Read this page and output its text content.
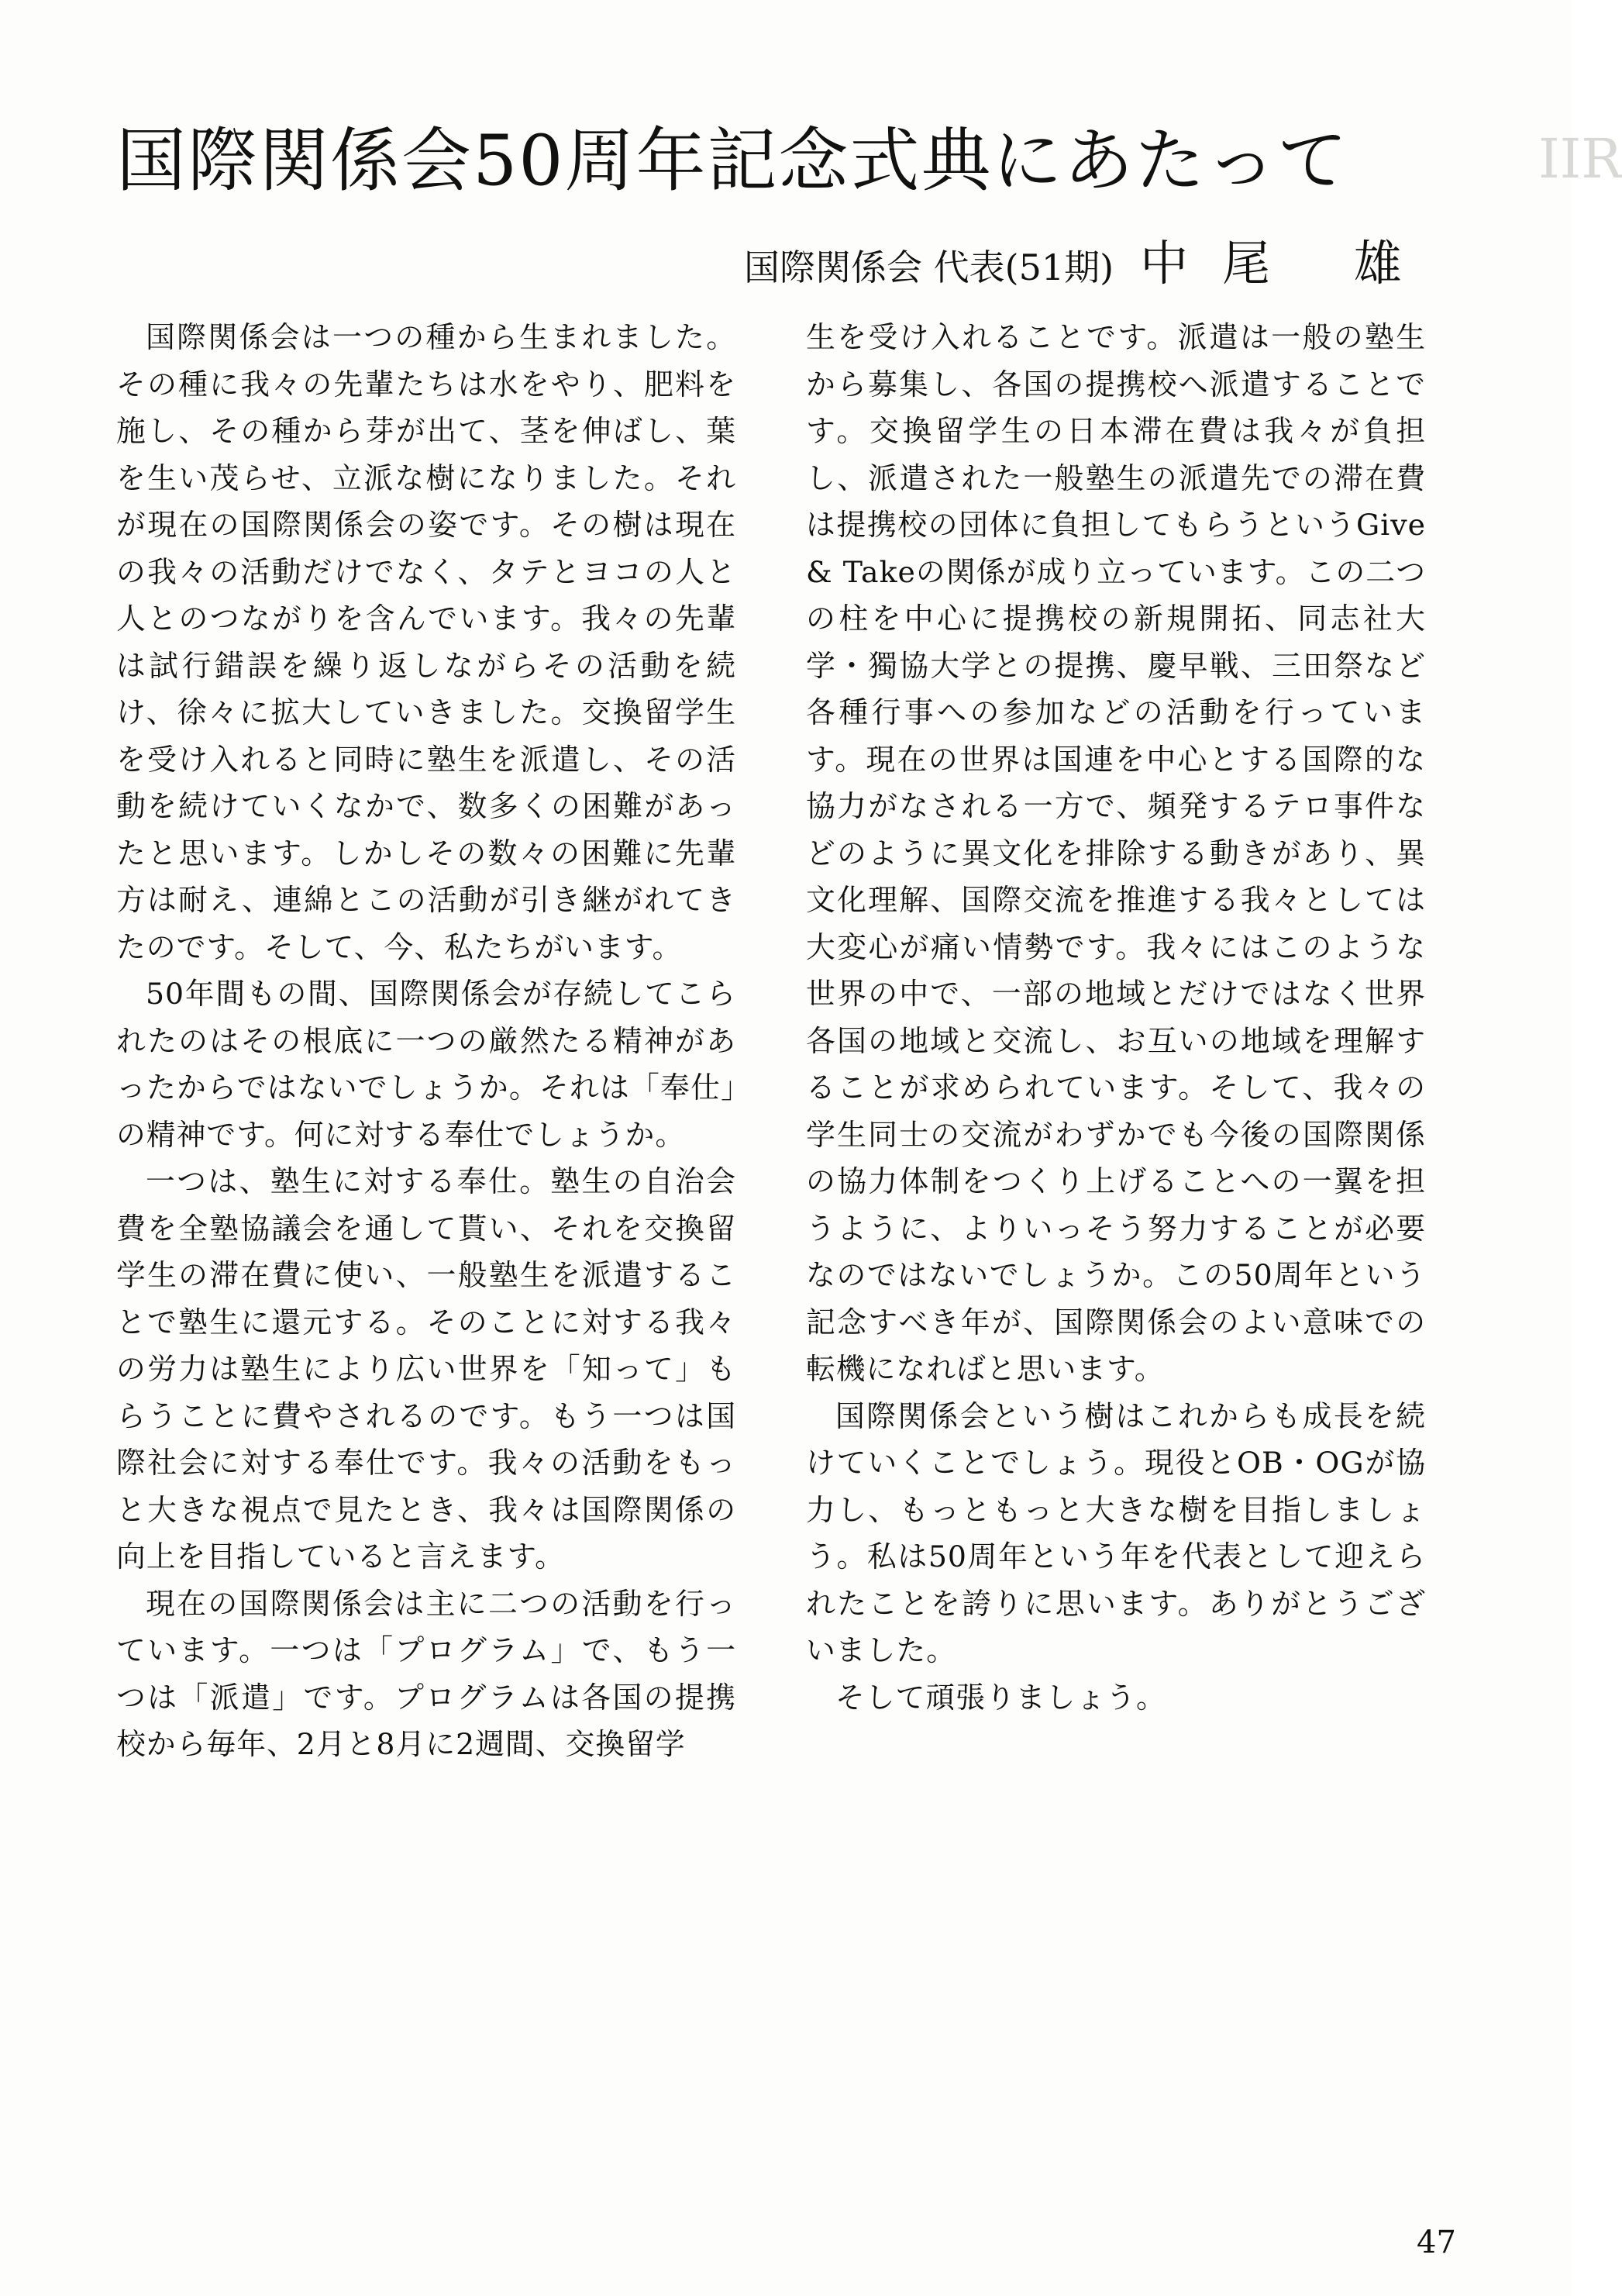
IIR
国際関係会50周年記念式典にあたって
国際関係会 代表(51期) 中尾 雄

国際関係会は一つの種から生まれました。その種に我々の先輩たちは水をやり、肥料を施し、その種から芽が出て、茎を伸ばし、葉を生い茂らせ、立派な樹になりました。それが現在の国際関係会の姿です。その樹は現在の我々の活動だけでなく、タテとヨコの人と人とのつながりを含んでいます。我々の先輩は試行錯誤を繰り返しながらその活動を続け、徐々に拡大していきました。交換留学生を受け入れると同時に塾生を派遣し、その活動を続けていくなかで、数多くの困難があったと思います。しかしその数々の困難に先輩方は耐え、連綿とこの活動が引き継がれてきたのです。そして、今、私たちがいます。

50年間もの間、国際関係会が存続してこられたのはその根底に一つの厳然たる精神があったからではないでしょうか。それは「奉仕」の精神です。何に対する奉仕でしょうか。

一つは、塾生に対する奉仕。塾生の自治会費を全塾協議会を通して貰い、それを交換留学生の滞在費に使い、一般塾生を派遣することで塾生に還元する。そのことに対する我々の労力は塾生により広い世界を「知って」もらうことに費やされるのです。もう一つは国際社会に対する奉仕です。我々の活動をもっと大きな視点で見たとき、我々は国際関係の向上を目指していると言えます。

現在の国際関係会は主に二つの活動を行っています。一つは「プログラム」で、もう一つは「派遣」です。プログラムは各国の提携校から毎年、2月と8月に2週間、交換留学

生を受け入れることです。派遣は一般の塾生から募集し、各国の提携校へ派遣することです。交換留学生の日本滞在費は我々が負担し、派遣された一般塾生の派遣先での滞在費は提携校の団体に負担してもらうというGive & Takeの関係が成り立っています。この二つの柱を中心に提携校の新規開拓、同志社大学・獨協大学との提携、慶早戦、三田祭など各種行事への参加などの活動を行っています。現在の世界は国連を中心とする国際的な協力がなされる一方で、頻発するテロ事件などのように異文化を排除する動きがあり、異文化理解、国際交流を推進する我々としては大変心が痛い情勢です。我々にはこのような世界の中で、一部の地域とだけではなく世界各国の地域と交流し、お互いの地域を理解することが求められています。そして、我々の学生同士の交流がわずかでも今後の国際関係の協力体制をつくり上げることへの一翼を担うように、よりいっそう努力することが必要なのではないでしょうか。この50周年という記念すべき年が、国際関係会のよい意味での転機になればと思います。

国際関係会という樹はこれからも成長を続けていくことでしょう。現役とOB・OGが協力し、もっともっと大きな樹を目指しましょう。私は50周年という年を代表として迎えられたことを誇りに思います。ありがとうございました。

そして頑張りましょう。

47
